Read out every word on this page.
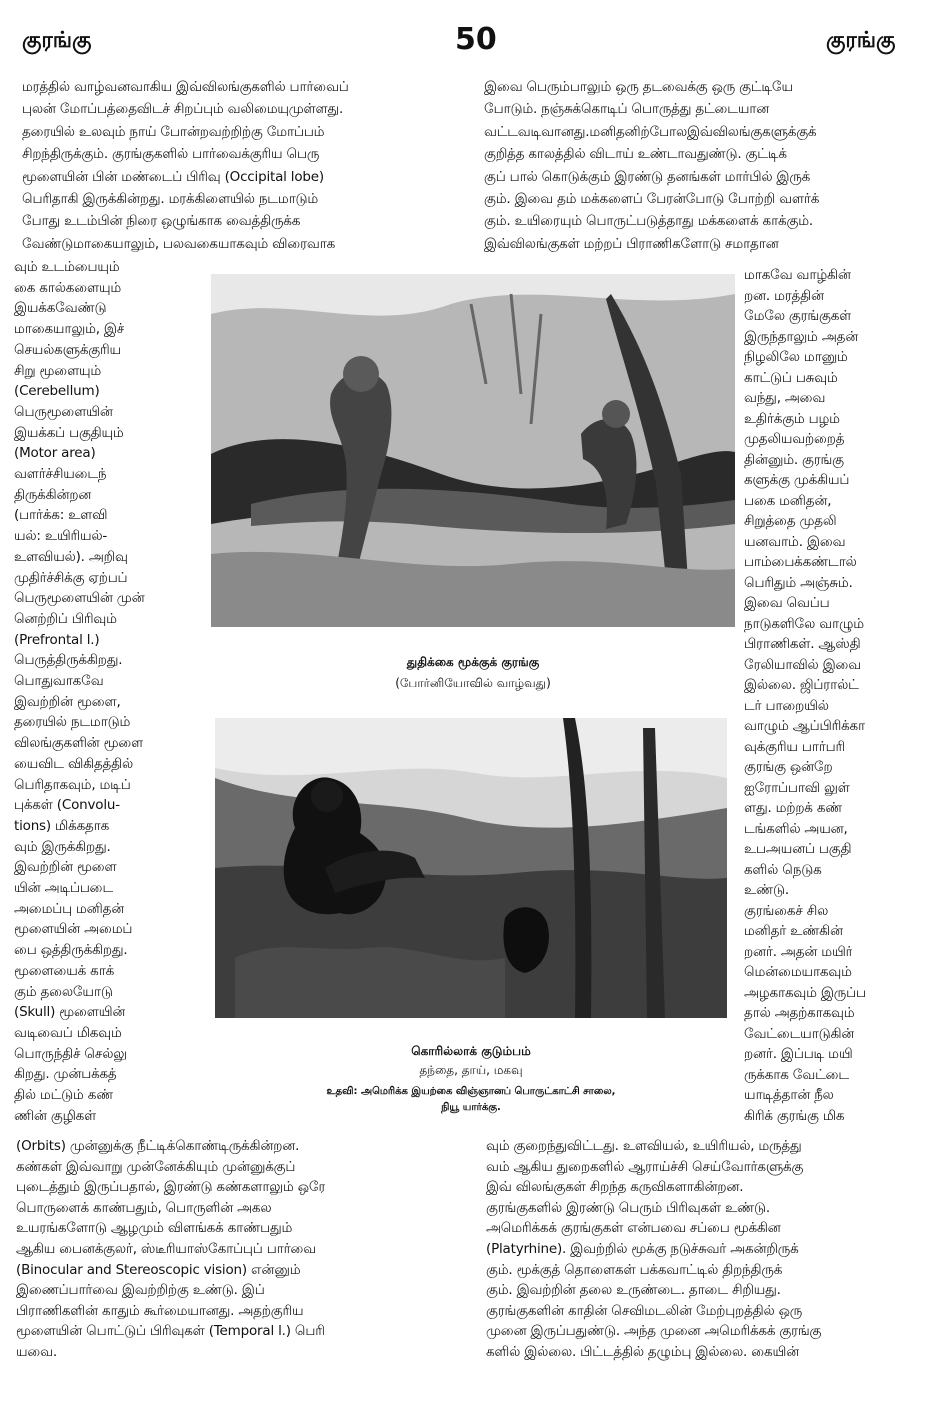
குரங்கு	50	குரங்கு
மரத்தில் வாழ்வனவாகிய இவ்விலங்குகளில் பார்வைப்
புலன் மோப்பத்தைவிடச் சிறப்பும் வலிமையுமுள்ளது.
தரையில் உலவும் நாய் போன்றவற்றிற்கு மோப்பம்
சிறந்திருக்கும். குரங்குகளில் பார்வைக்குரிய பெரு
மூளையின் பின் மண்டைப் பிரிவு (Occipital lobe)
பெரிதாகி இருக்கின்றது. மரக்கிளையில் நடமாடும்
போது உடம்பின் நிரை ஒழுங்காக வைத்திருக்க
வேண்டுமாகையாலும், பலவகையாகவும் விரைவாக
வும் உடம்பையும்
கை கால்களையும்
இயக்கவேண்டு
மாகையாலும், இச்
செயல்களுக்குரிய
சிறு மூளையும்
(Cerebellum)
பெருமூளையின்
இயக்கப் பகுதியும்
(Motor area)
வளர்ச்சியடைந்
திருக்கின்றன
(பார்க்க: உளவி
யல்: உயிரியல்-
உளவியல்). அறிவு
முதிர்ச்சிக்கு ஏற்பப்
பெருமூளையின் முன்
னெற்றிப் பிரிவும்
(Prefrontal l.)
பெருத்திருக்கிறது.
பொதுவாகவே
இவற்றின் மூளை,
தரையில் நடமாடும்
விலங்குகளின் மூளை
யைவிட விகிதத்தில்
பெரிதாகவும், மடிப்
புக்கள் (Convolu-
tions) மிக்கதாக
வும் இருக்கிறது.
இவற்றின் மூளை
யின் அடிப்படை
அமைப்பு மனிதன்
மூளையின் அமைப்
பை ஒத்திருக்கிறது.
மூளையைக் காக்
கும் தலையோடு
(Skull) மூளையின்
வடிவைப் மிகவும்
பொருந்திச் செல்லு
கிறது. முன்பக்கத்
தில் மட்டும் கண்
ணின் குழிகள்
இவை பெரும்பாலும் ஒரு தடவைக்கு ஒரு குட்டியே
போடும். நஞ்சுக்கொடிப் பொருத்து தட்டையான
வட்டவடிவானது.மனிதனிற்போலஇவ்விலங்குகளுக்குக்
குறித்த காலத்தில் விடாய் உண்டாவதுண்டு. குட்டிக்
குப் பால் கொடுக்கும் இரண்டு தனங்கள் மார்பில் இருக்
கும். இவை தம் மக்களைப் பேரன்போடு போற்றி வளர்க்
கும். உயிரையும் பொருட்படுத்தாது மக்களைக் காக்கும்.
இவ்விலங்குகள் மற்றப் பிராணிகளோடு சமாதான
மாகவே வாழ்கின்
றன. மரத்தின்
மேலே குரங்குகள்
இருந்தாலும் அதன்
நிழலிலே மானும்
காட்டுப் பசுவும்
வந்து, அவை
உதிர்க்கும் பழம்
முதலியவற்றைத்
தின்னும். குரங்கு
களுக்கு முக்கியப்
பகை மனிதன்,
சிறுத்தை முதலி
யனவாம். இவை
பாம்பைக்கண்டால்
பெரிதும் அஞ்சும்.
இவை வெப்ப
நாடுகளிலே வாழும்
பிராணிகள். ஆஸ்தி
ரேலியாவில் இவை
இல்லை. ஜிப்ரால்ட்
டர் பாறையில்
வாழும் ஆப்பிரிக்கா
வுக்குரிய பார்பரி
குரங்கு ஒன்றே
ஐரோப்பாவி லுள்
ளது. மற்றக் கண்
டங்களில் அயன,
உபஅயனப் பகுதி
களில் நெடுக
உண்டு.
குரங்கைச் சில
மனிதர் உண்கின்
றனர். அதன் மயிர்
மென்மையாகவும்
அழகாகவும் இருப்ப
தால் அதற்காகவும்
வேட்டையாடுகின்
றனர். இப்படி மயி
ருக்காக வேட்டை
யாடித்தான் நீல
கிரிக் குரங்கு மிக
(Orbits) முன்னுக்கு நீட்டிக்கொண்டிருக்கின்றன.
கண்கள் இவ்வாறு முன்னேக்கியும் முன்னுக்குப்
புடைத்தும் இருப்பதால், இரண்டு கண்களாலும் ஒரே
பொருளைக் காண்பதும், பொருளின் அகல
உயரங்களோடு ஆழமும் விளங்கக் காண்பதும்
ஆகிய பைனக்குலர், ஸ்டீரியாஸ்கோப்புப் பார்வை
(Binocular and Stereoscopic vision) என்னும்
இணைப்பார்வை இவற்றிற்கு உண்டு. இப்
பிராணிகளின் காதும் கூர்மையானது. அதற்குரிய
மூளையின் பொட்டுப் பிரிவுகள் (Temporal l.) பெரி
யவை.
வும் குறைந்துவிட்டது. உளவியல், உயிரியல், மருத்து
வம் ஆகிய துறைகளில் ஆராய்ச்சி செய்வோர்களுக்கு
இவ் விலங்குகள் சிறந்த கருவிகளாகின்றன.
குரங்குகளில் இரண்டு பெரும் பிரிவுகள் உண்டு.
அமெரிக்கக் குரங்குகள் என்பவை சப்பை மூக்கின
(Platyrhine). இவற்றில் மூக்கு நடுச்சுவர் அகன்றிருக்
கும். மூக்குத் தொளைகள் பக்கவாட்டில் திறந்திருக்
கும். இவற்றின் தலை உருண்டை. தாடை சிறியது.
குரங்குகளின் காதின் செவிமடலின் மேற்புறத்தில் ஒரு
முனை இருப்பதுண்டு. அந்த முனை அமெரிக்கக் குரங்கு
களில் இல்லை. பிட்டத்தில் தழும்பு இல்லை. கையின்
துதிக்கை மூக்குக் குரங்கு
(போர்னியோவில் வாழ்வது)
கொரில்லாக் குடும்பம்
தந்தை, தாய், மகவு
உதவி: அமெரிக்க இயற்கை விஞ்ஞானப் பொருட்காட்சி சாலை,
நியூ யார்க்கு.
